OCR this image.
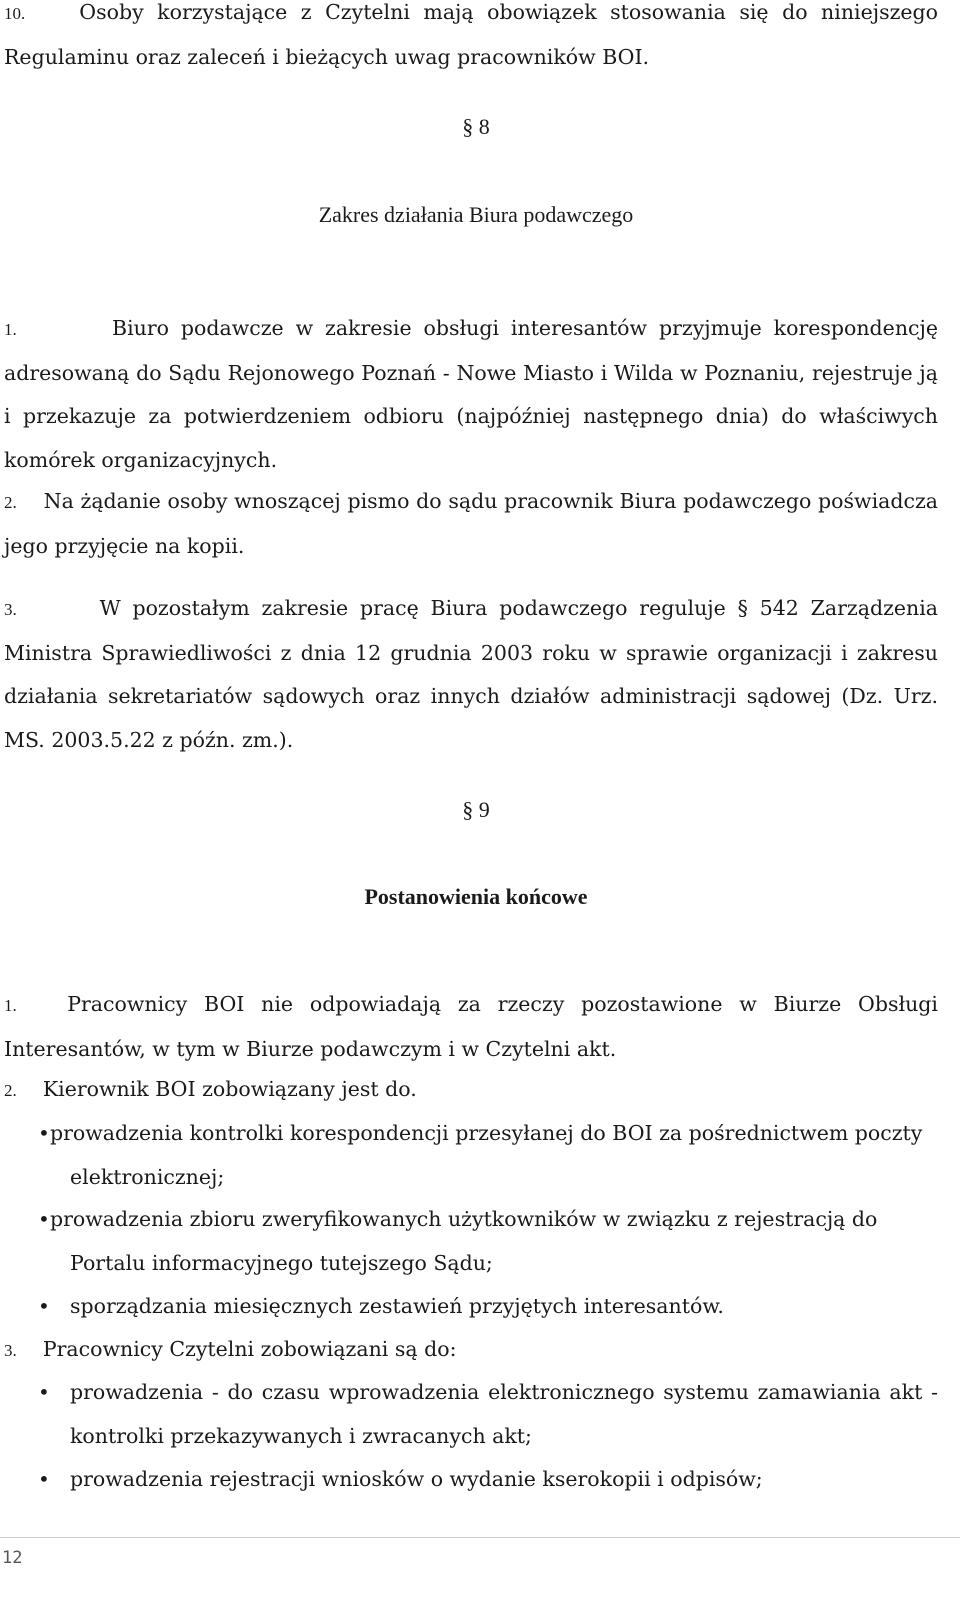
10.	Osoby korzystające z Czytelni mają obowiązek stosowania się do niniejszego Regulaminu oraz zaleceń i bieżących uwag pracowników BOI.

§ 8

Zakres działania Biura podawczego

1.	Biuro podawcze w zakresie obsługi interesantów przyjmuje korespondencję adresowaną do Sądu Rejonowego Poznań - Nowe Miasto i Wilda w Poznaniu, rejestruje ją i przekazuje za potwierdzeniem odbioru (najpóźniej następnego dnia) do właściwych komórek organizacyjnych.

2. Na żądanie osoby wnoszącej pismo do sądu pracownik Biura podawczego poświadcza jego przyjęcie na kopii.

3.	W pozostałym zakresie pracę Biura podawczego reguluje § 542 Zarządzenia Ministra Sprawiedliwości z dnia 12 grudnia 2003 roku w sprawie organizacji i zakresu działania sekretariatów sądowych oraz innych działów administracji sądowej (Dz. Urz. MS. 2003.5.22 z późn. zm.).

§ 9

Postanowienia końcowe

1. Pracownicy BOI nie odpowiadają za rzeczy pozostawione w Biurze Obsługi Interesantów, w tym w Biurze podawczym i w Czytelni akt.

2. Kierownik BOI zobowiązany jest do.

• prowadzenia kontrolki korespondencji przesyłanej do BOI za pośrednictwem poczty
elektronicznej;
• prowadzenia zbioru zweryfikowanych użytkowników w związku z rejestracją do
Portalu informacyjnego tutejszego Sądu;
• sporządzania miesięcznych zestawień przyjętych interesantów.

3. Pracownicy Czytelni zobowiązani są do:

• prowadzenia - do czasu wprowadzenia elektronicznego systemu zamawiania akt - kontrolki przekazywanych i zwracanych akt;
• prowadzenia rejestracji wniosków o wydanie kserokopii i odpisów;
12
